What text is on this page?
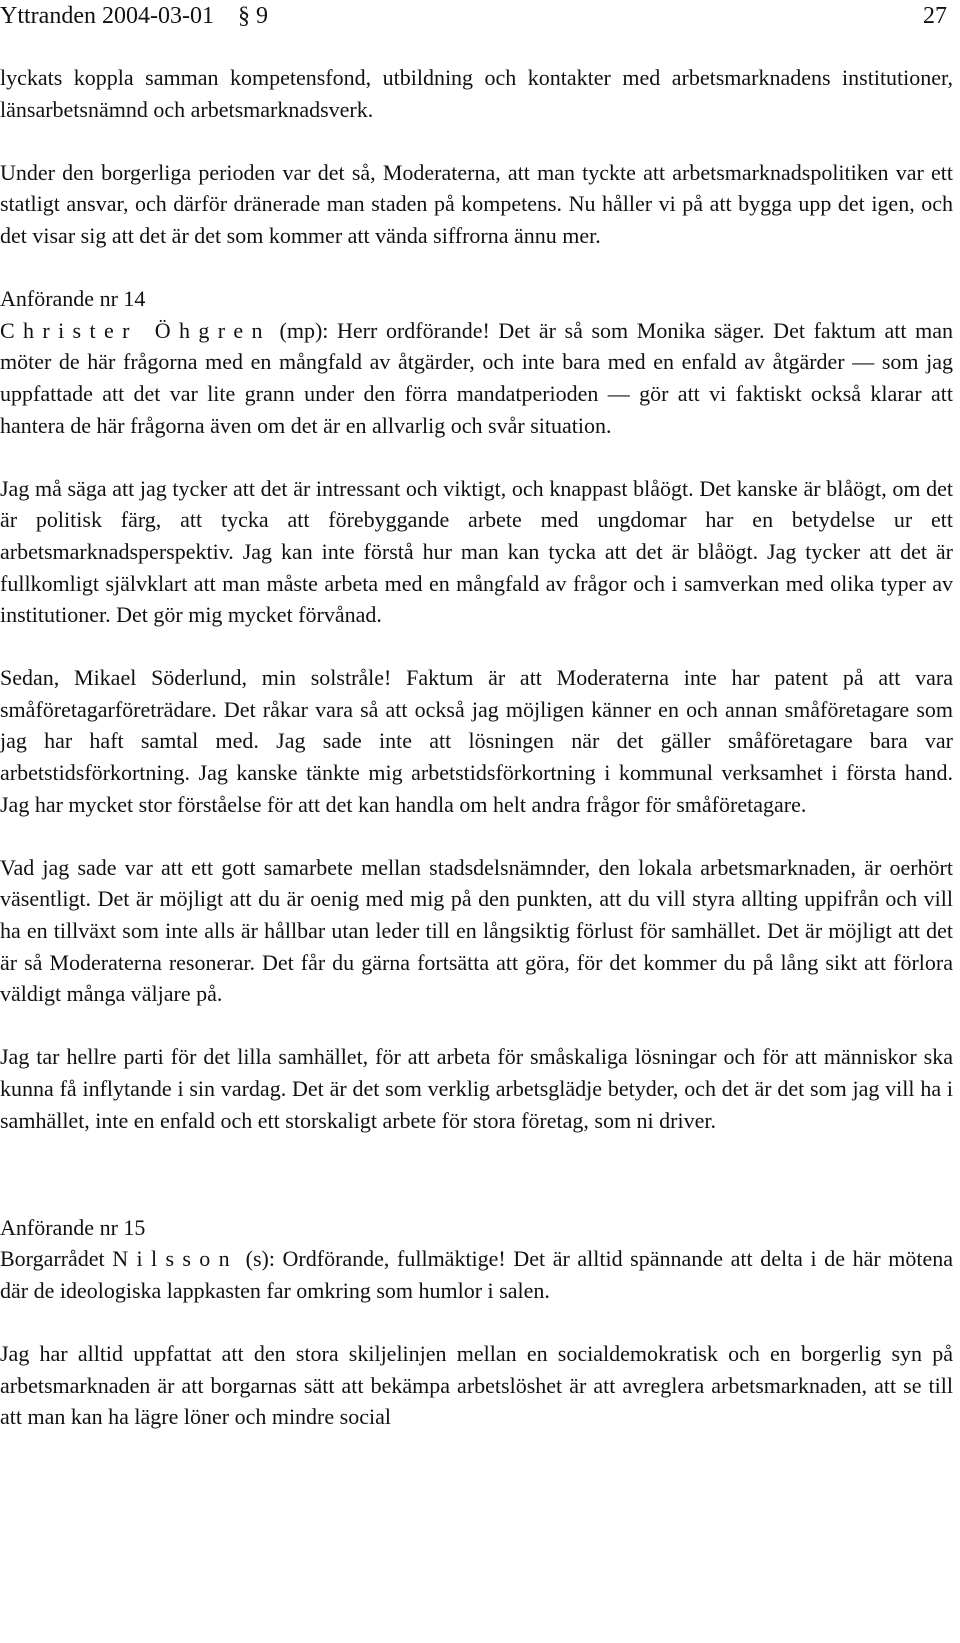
Yttranden 2004-03-01 § 9	27

lyckats koppla samman kompetensfond, utbildning och kontakter med arbetsmarknadens institutioner, länsarbetsnämnd och arbetsmarknadsverk.

Under den borgerliga perioden var det så, Moderaterna, att man tyckte att arbetsmarknadspolitiken var ett statligt ansvar, och därför dränerade man staden på kompetens. Nu håller vi på att bygga upp det igen, och det visar sig att det är det som kommer att vända siffrorna ännu mer.

Anförande nr 14

Christer Öhgren (mp): Herr ordförande! Det är så som Monika säger. Det faktum att man möter de här frågorna med en mångfald av åtgärder, och inte bara med en enfald av åtgärder — som jag uppfattade att det var lite grann under den förra mandatperioden — gör att vi faktiskt också klarar att hantera de här frågorna även om det är en allvarlig och svår situation.

Jag må säga att jag tycker att det är intressant och viktigt, och knappast blåögt. Det kanske är blåögt, om det är politisk färg, att tycka att förebyggande arbete med ungdomar har en betydelse ur ett arbetsmarknadsperspektiv. Jag kan inte förstå hur man kan tycka att det är blåögt. Jag tycker att det är fullkomligt självklart att man måste arbeta med en mångfald av frågor och i samverkan med olika typer av institutioner. Det gör mig mycket förvånad.

Sedan, Mikael Söderlund, min solstråle! Faktum är att Moderaterna inte har patent på att vara småföretagarföreträdare. Det råkar vara så att också jag möjligen känner en och annan småföretagare som jag har haft samtal med. Jag sade inte att lösningen när det gäller småföretagare bara var arbetstidsförkortning. Jag kanske tänkte mig arbetstidsförkortning i kommunal verksamhet i första hand. Jag har mycket stor förståelse för att det kan handla om helt andra frågor för småföretagare.

Vad jag sade var att ett gott samarbete mellan stadsdelsnämnder, den lokala arbetsmarknaden, är oerhört väsentligt. Det är möjligt att du är oenig med mig på den punkten, att du vill styra allting uppifrån och vill ha en tillväxt som inte alls är hållbar utan leder till en långsiktig förlust för samhället. Det är möjligt att det är så Moderaterna resonerar. Det får du gärna fortsätta att göra, för det kommer du på lång sikt att förlora väldigt många väljare på.

Jag tar hellre parti för det lilla samhället, för att arbeta för småskaliga lösningar och för att människor ska kunna få inflytande i sin vardag. Det är det som verklig arbetsglädje betyder, och det är det som jag vill ha i samhället, inte en enfald och ett storskaligt arbete för stora företag, som ni driver.

Anförande nr 15

Borgarrådet Nilsson (s): Ordförande, fullmäktige! Det är alltid spännande att delta i de här mötena där de ideologiska lappkasten far omkring som humlor i salen.

Jag har alltid uppfattat att den stora skiljelinjen mellan en socialdemokratisk och en borgerlig syn på arbetsmarknaden är att borgarnas sätt att bekämpa arbetslöshet är att avreglera arbetsmarknaden, att se till att man kan ha lägre löner och mindre social
